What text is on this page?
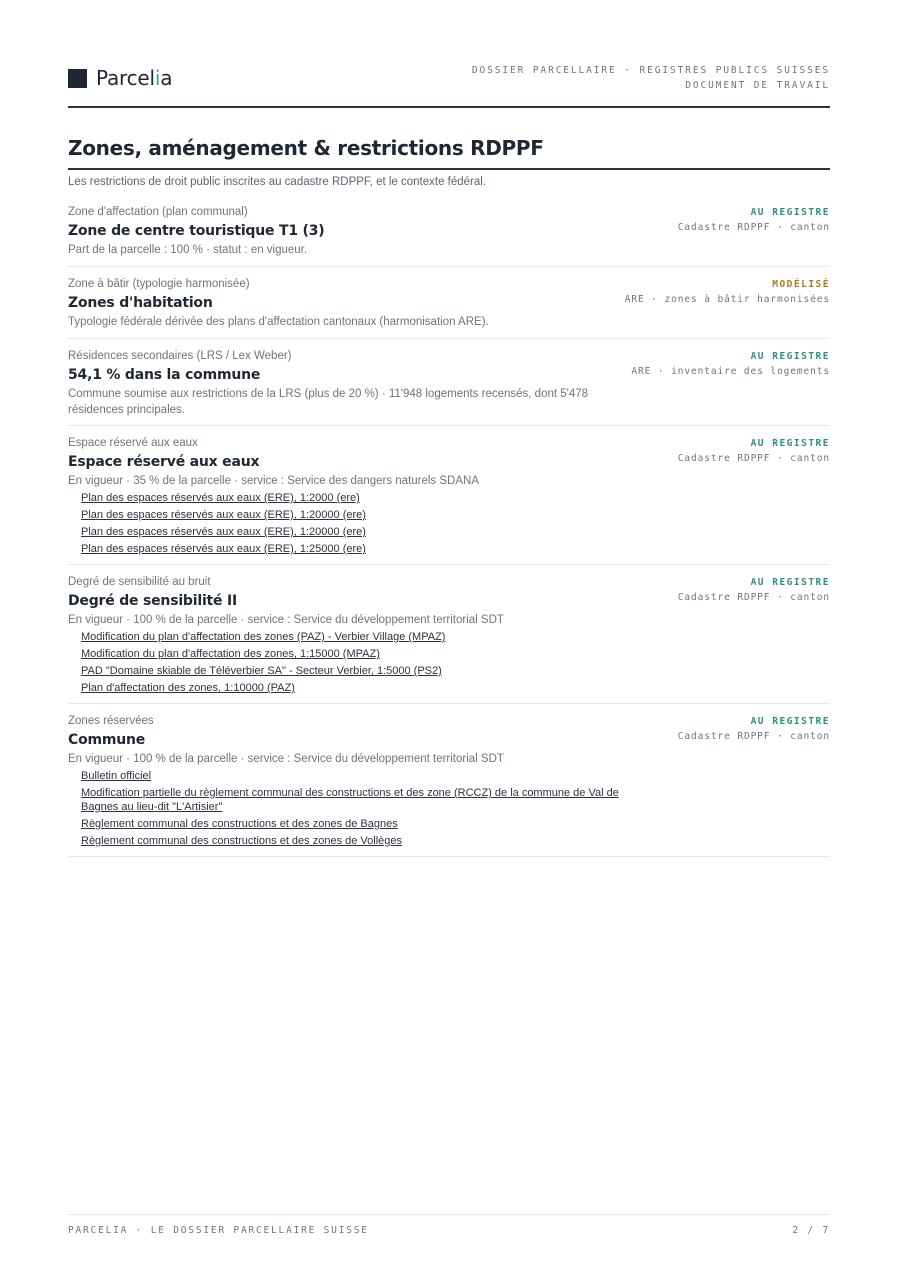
Parcelia	DOSSIER PARCELLAIRE · REGISTRES PUBLICS SUISSES
DOCUMENT DE TRAVAIL
Zones, aménagement & restrictions RDPPF
Les restrictions de droit public inscrites au cadastre RDPPF, et le contexte fédéral.
Zone d'affectation (plan communal)
Zone de centre touristique T1 (3)
Part de la parcelle : 100 % · statut : en vigueur.
AU REGISTRE
Cadastre RDPPF · canton
Zone à bâtir (typologie harmonisée)
Zones d'habitation
Typologie fédérale dérivée des plans d'affectation cantonaux (harmonisation ARE).
MODÉLISÉ
ARE · zones à bâtir harmonisées
Résidences secondaires (LRS / Lex Weber)
54,1 % dans la commune
Commune soumise aux restrictions de la LRS (plus de 20 %) · 11'948 logements recensés, dont 5'478 résidences principales.
AU REGISTRE
ARE · inventaire des logements
Espace réservé aux eaux
Espace réservé aux eaux
En vigueur · 35 % de la parcelle · service : Service des dangers naturels SDANA
Plan des espaces réservés aux eaux (ERE), 1:2000 (ere)
Plan des espaces réservés aux eaux (ERE), 1:20000 (ere)
Plan des espaces réservés aux eaux (ERE), 1:20000 (ere)
Plan des espaces réservés aux eaux (ERE), 1:25000 (ere)
AU REGISTRE
Cadastre RDPPF · canton
Degré de sensibilité au bruit
Degré de sensibilité II
En vigueur · 100 % de la parcelle · service : Service du développement territorial SDT
Modification du plan d'affectation des zones (PAZ) - Verbier Village (MPAZ)
Modification du plan d'affectation des zones, 1:15000 (MPAZ)
PAD "Domaine skiable de Téléverbier SA" - Secteur Verbier, 1:5000 (PS2)
Plan d'affectation des zones, 1:10000 (PAZ)
AU REGISTRE
Cadastre RDPPF · canton
Zones réservées
Commune
En vigueur · 100 % de la parcelle · service : Service du développement territorial SDT
Bulletin officiel
Modification partielle du règlement communal des constructions et des zone (RCCZ) de la commune de Val de Bagnes au lieu-dit "L'Artisier"
Règlement communal des constructions et des zones de Bagnes
Règlement communal des constructions et des zones de Vollèges
AU REGISTRE
Cadastre RDPPF · canton
PARCELIA · LE DOSSIER PARCELLAIRE SUISSE	2 / 7
